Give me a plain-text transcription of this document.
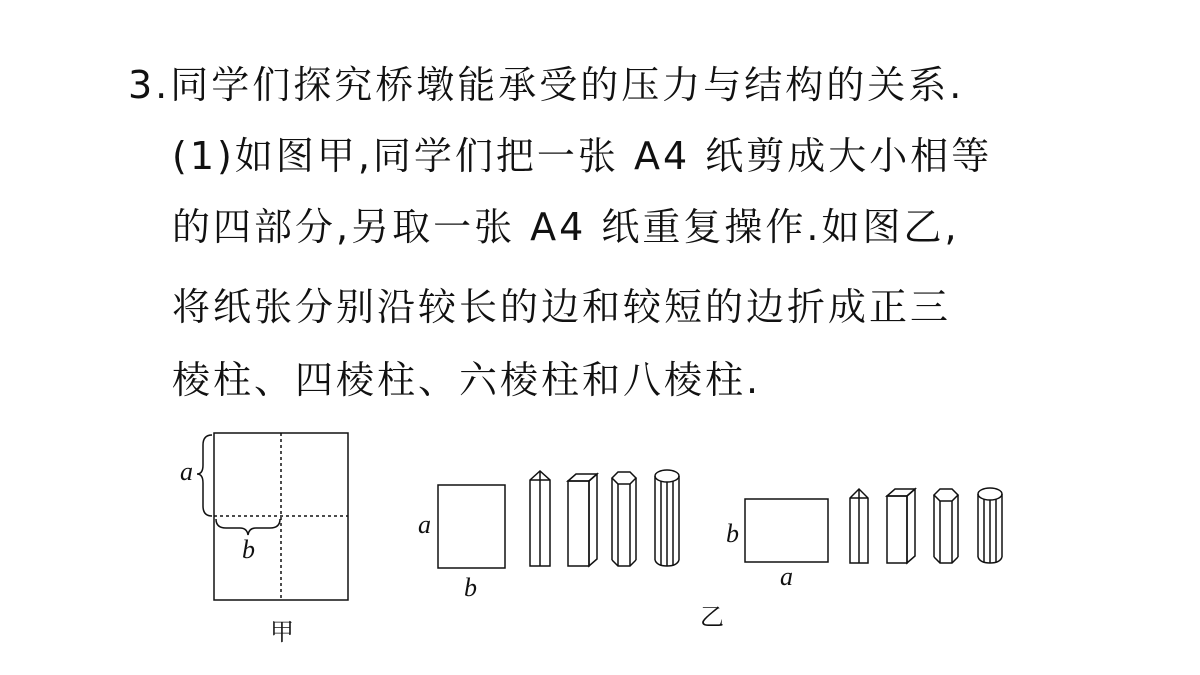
3.同学们探究桥墩能承受的压力与结构的关系.
(1)如图甲,同学们把一张 A4 纸剪成大小相等
的四部分,另取一张 A4 纸重复操作.如图乙,
将纸张分别沿较长的边和较短的边折成正三
棱柱、四棱柱、六棱柱和八棱柱.
a
b
甲
a
b
b
a
乙
